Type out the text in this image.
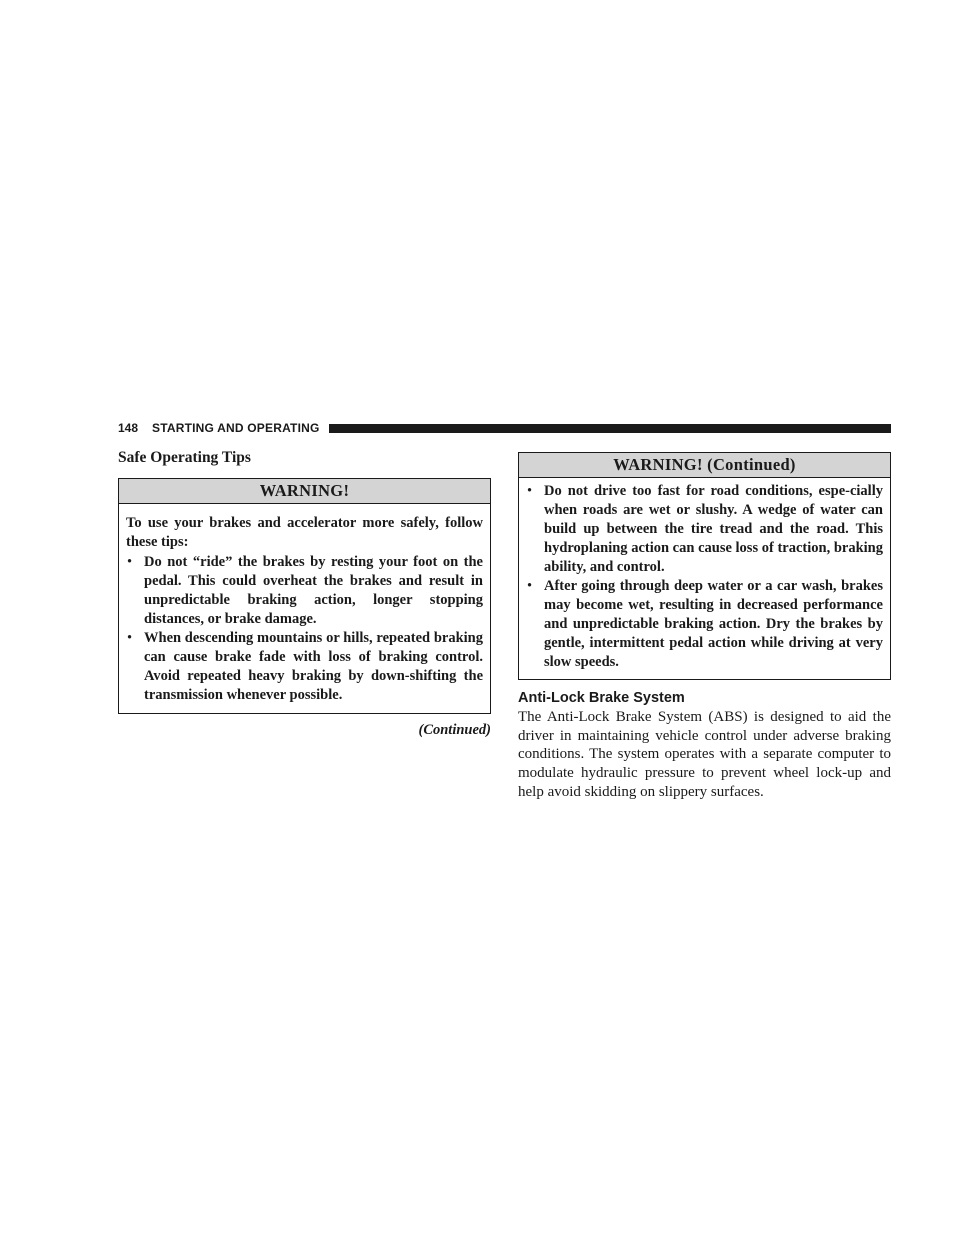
148 STARTING AND OPERATING
Safe Operating Tips
WARNING!

To use your brakes and accelerator more safely, follow these tips:

• Do not “ride” the brakes by resting your foot on the pedal. This could overheat the brakes and result in unpredictable braking action, longer stopping distances, or brake damage.
• When descending mountains or hills, repeated braking can cause brake fade with loss of braking control. Avoid repeated heavy braking by down-shifting the transmission whenever possible.
(Continued)
WARNING! (Continued)
• Do not drive too fast for road conditions, espe-cially when roads are wet or slushy. A wedge of water can build up between the tire tread and the road. This hydroplaning action can cause loss of traction, braking ability, and control.
• After going through deep water or a car wash, brakes may become wet, resulting in decreased performance and unpredictable braking action. Dry the brakes by gentle, intermittent pedal action while driving at very slow speeds.
Anti-Lock Brake System

The Anti-Lock Brake System (ABS) is designed to aid the driver in maintaining vehicle control under adverse braking conditions. The system operates with a separate computer to modulate hydraulic pressure to prevent wheel lock-up and help avoid skidding on slippery surfaces.
